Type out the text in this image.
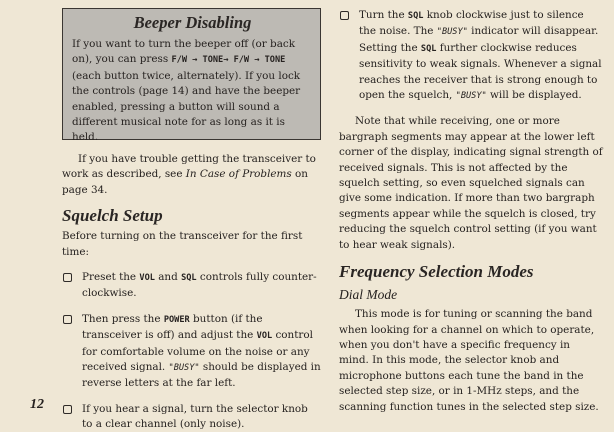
Beeper Disabling
If you want to turn the beeper off (or back on), you can press F/W → TONE→ F/W → TONE (each button twice, alternately). If you lock the controls (page 14) and have the beeper enabled, pressing a button will sound a different musical note for as long as it is held.

If you have trouble getting the transceiver to work as described, see In Case of Problems on page 34.

Squelch Setup

Before turning on the transceiver for the first time:

Preset the VOL and SQL controls fully counter-clockwise.
Then press the POWER button (if the transceiver is off) and adjust the VOL control for comfortable volume on the noise or any received signal. "BUSY" should be displayed in reverse letters at the far left.
If you hear a signal, turn the selector knob to a clear channel (only noise).
Turn the SQL knob clockwise just to silence the noise. The "BUSY" indicator will disappear. Setting the SQL further clockwise reduces sensitivity to weak signals. Whenever a signal reaches the receiver that is strong enough to open the squelch, "BUSY" will be displayed.

Note that while receiving, one or more bargraph segments may appear at the lower left corner of the display, indicating signal strength of received signals. This is not affected by the squelch setting, so even squelched signals can give some indication. If more than two bargraph segments appear while the squelch is closed, try reducing the squelch control setting (if you want to hear weak signals).

Frequency Selection Modes
Dial Mode

This mode is for tuning or scanning the band when looking for a channel on which to operate, when you don't have a specific frequency in mind. In this mode, the selector knob and microphone buttons each tune the band in the selected step size, or in 1-MHz steps, and the scanning function tunes in the selected step size.

12
